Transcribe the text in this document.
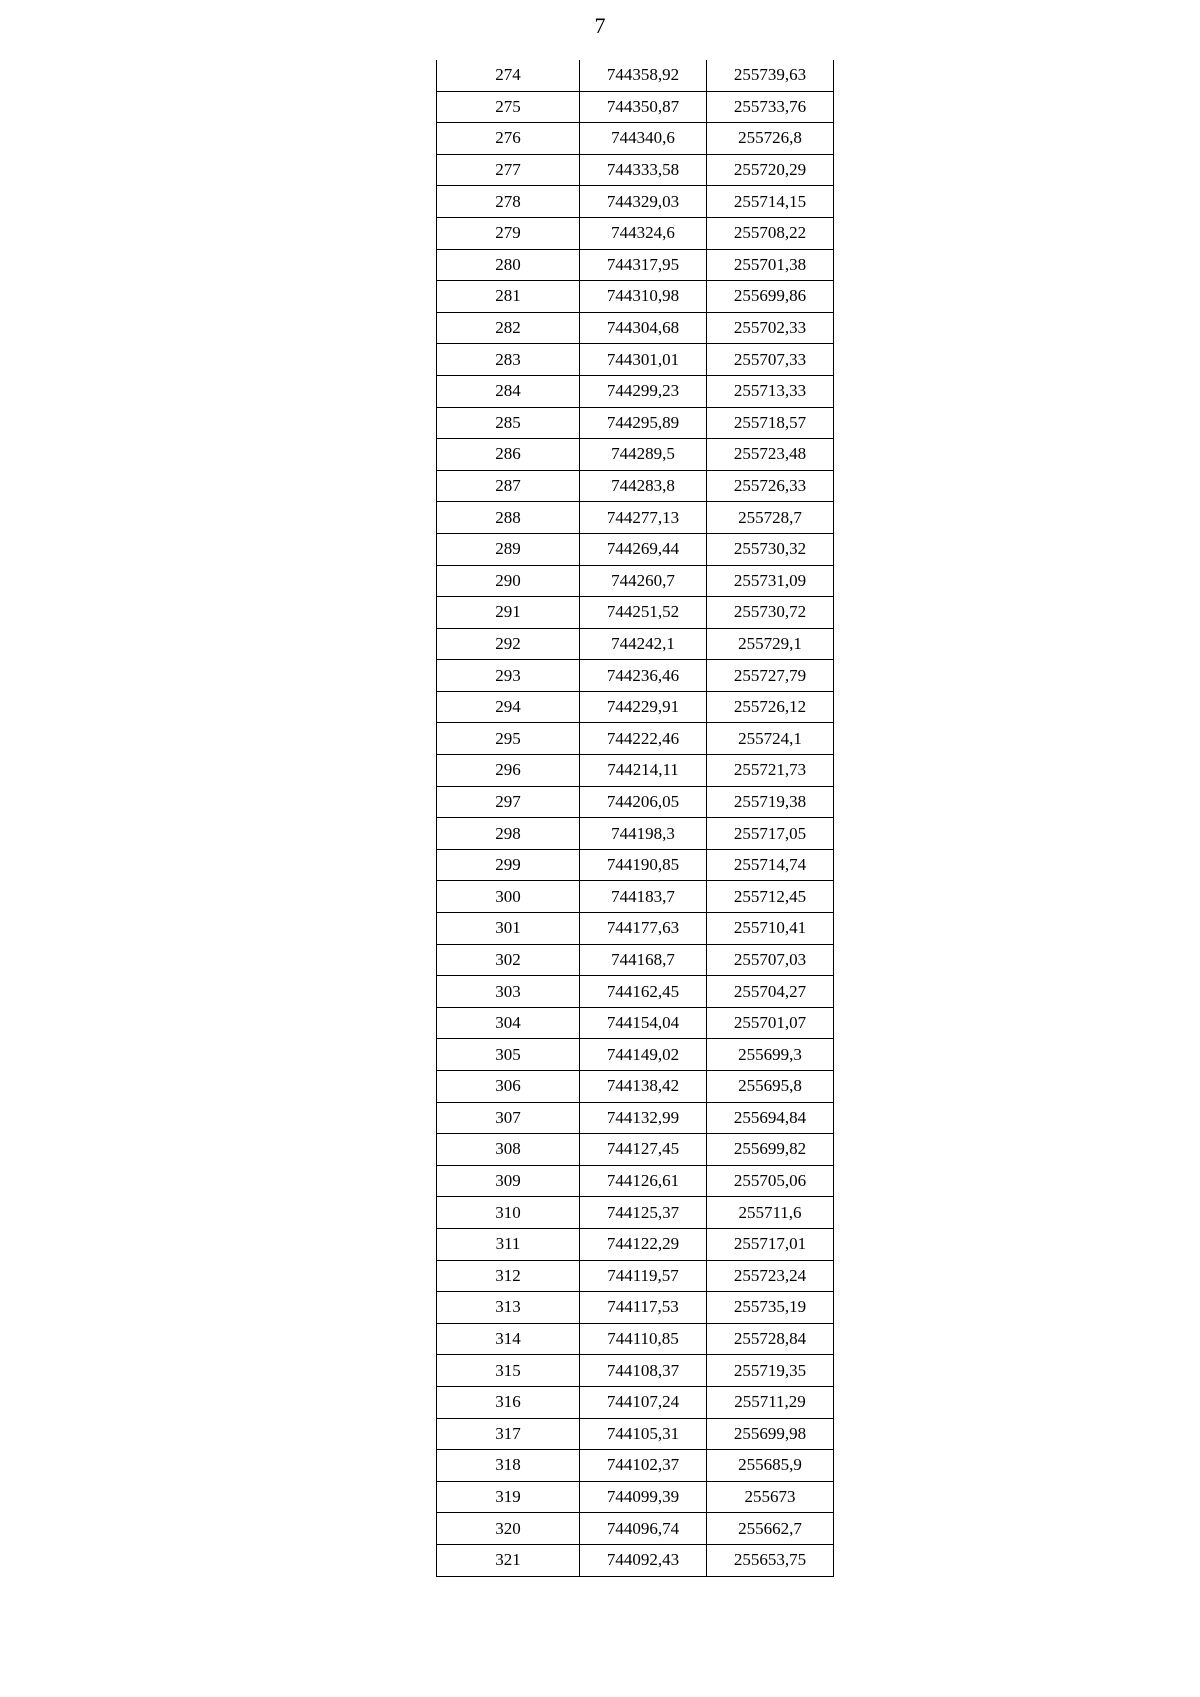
7
274	744358,92	255739,63
275	744350,87	255733,76
276	744340,6	255726,8
277	744333,58	255720,29
278	744329,03	255714,15
279	744324,6	255708,22
280	744317,95	255701,38
281	744310,98	255699,86
282	744304,68	255702,33
283	744301,01	255707,33
284	744299,23	255713,33
285	744295,89	255718,57
286	744289,5	255723,48
287	744283,8	255726,33
288	744277,13	255728,7
289	744269,44	255730,32
290	744260,7	255731,09
291	744251,52	255730,72
292	744242,1	255729,1
293	744236,46	255727,79
294	744229,91	255726,12
295	744222,46	255724,1
296	744214,11	255721,73
297	744206,05	255719,38
298	744198,3	255717,05
299	744190,85	255714,74
300	744183,7	255712,45
301	744177,63	255710,41
302	744168,7	255707,03
303	744162,45	255704,27
304	744154,04	255701,07
305	744149,02	255699,3
306	744138,42	255695,8
307	744132,99	255694,84
308	744127,45	255699,82
309	744126,61	255705,06
310	744125,37	255711,6
311	744122,29	255717,01
312	744119,57	255723,24
313	744117,53	255735,19
314	744110,85	255728,84
315	744108,37	255719,35
316	744107,24	255711,29
317	744105,31	255699,98
318	744102,37	255685,9
319	744099,39	255673
320	744096,74	255662,7
321	744092,43	255653,75
